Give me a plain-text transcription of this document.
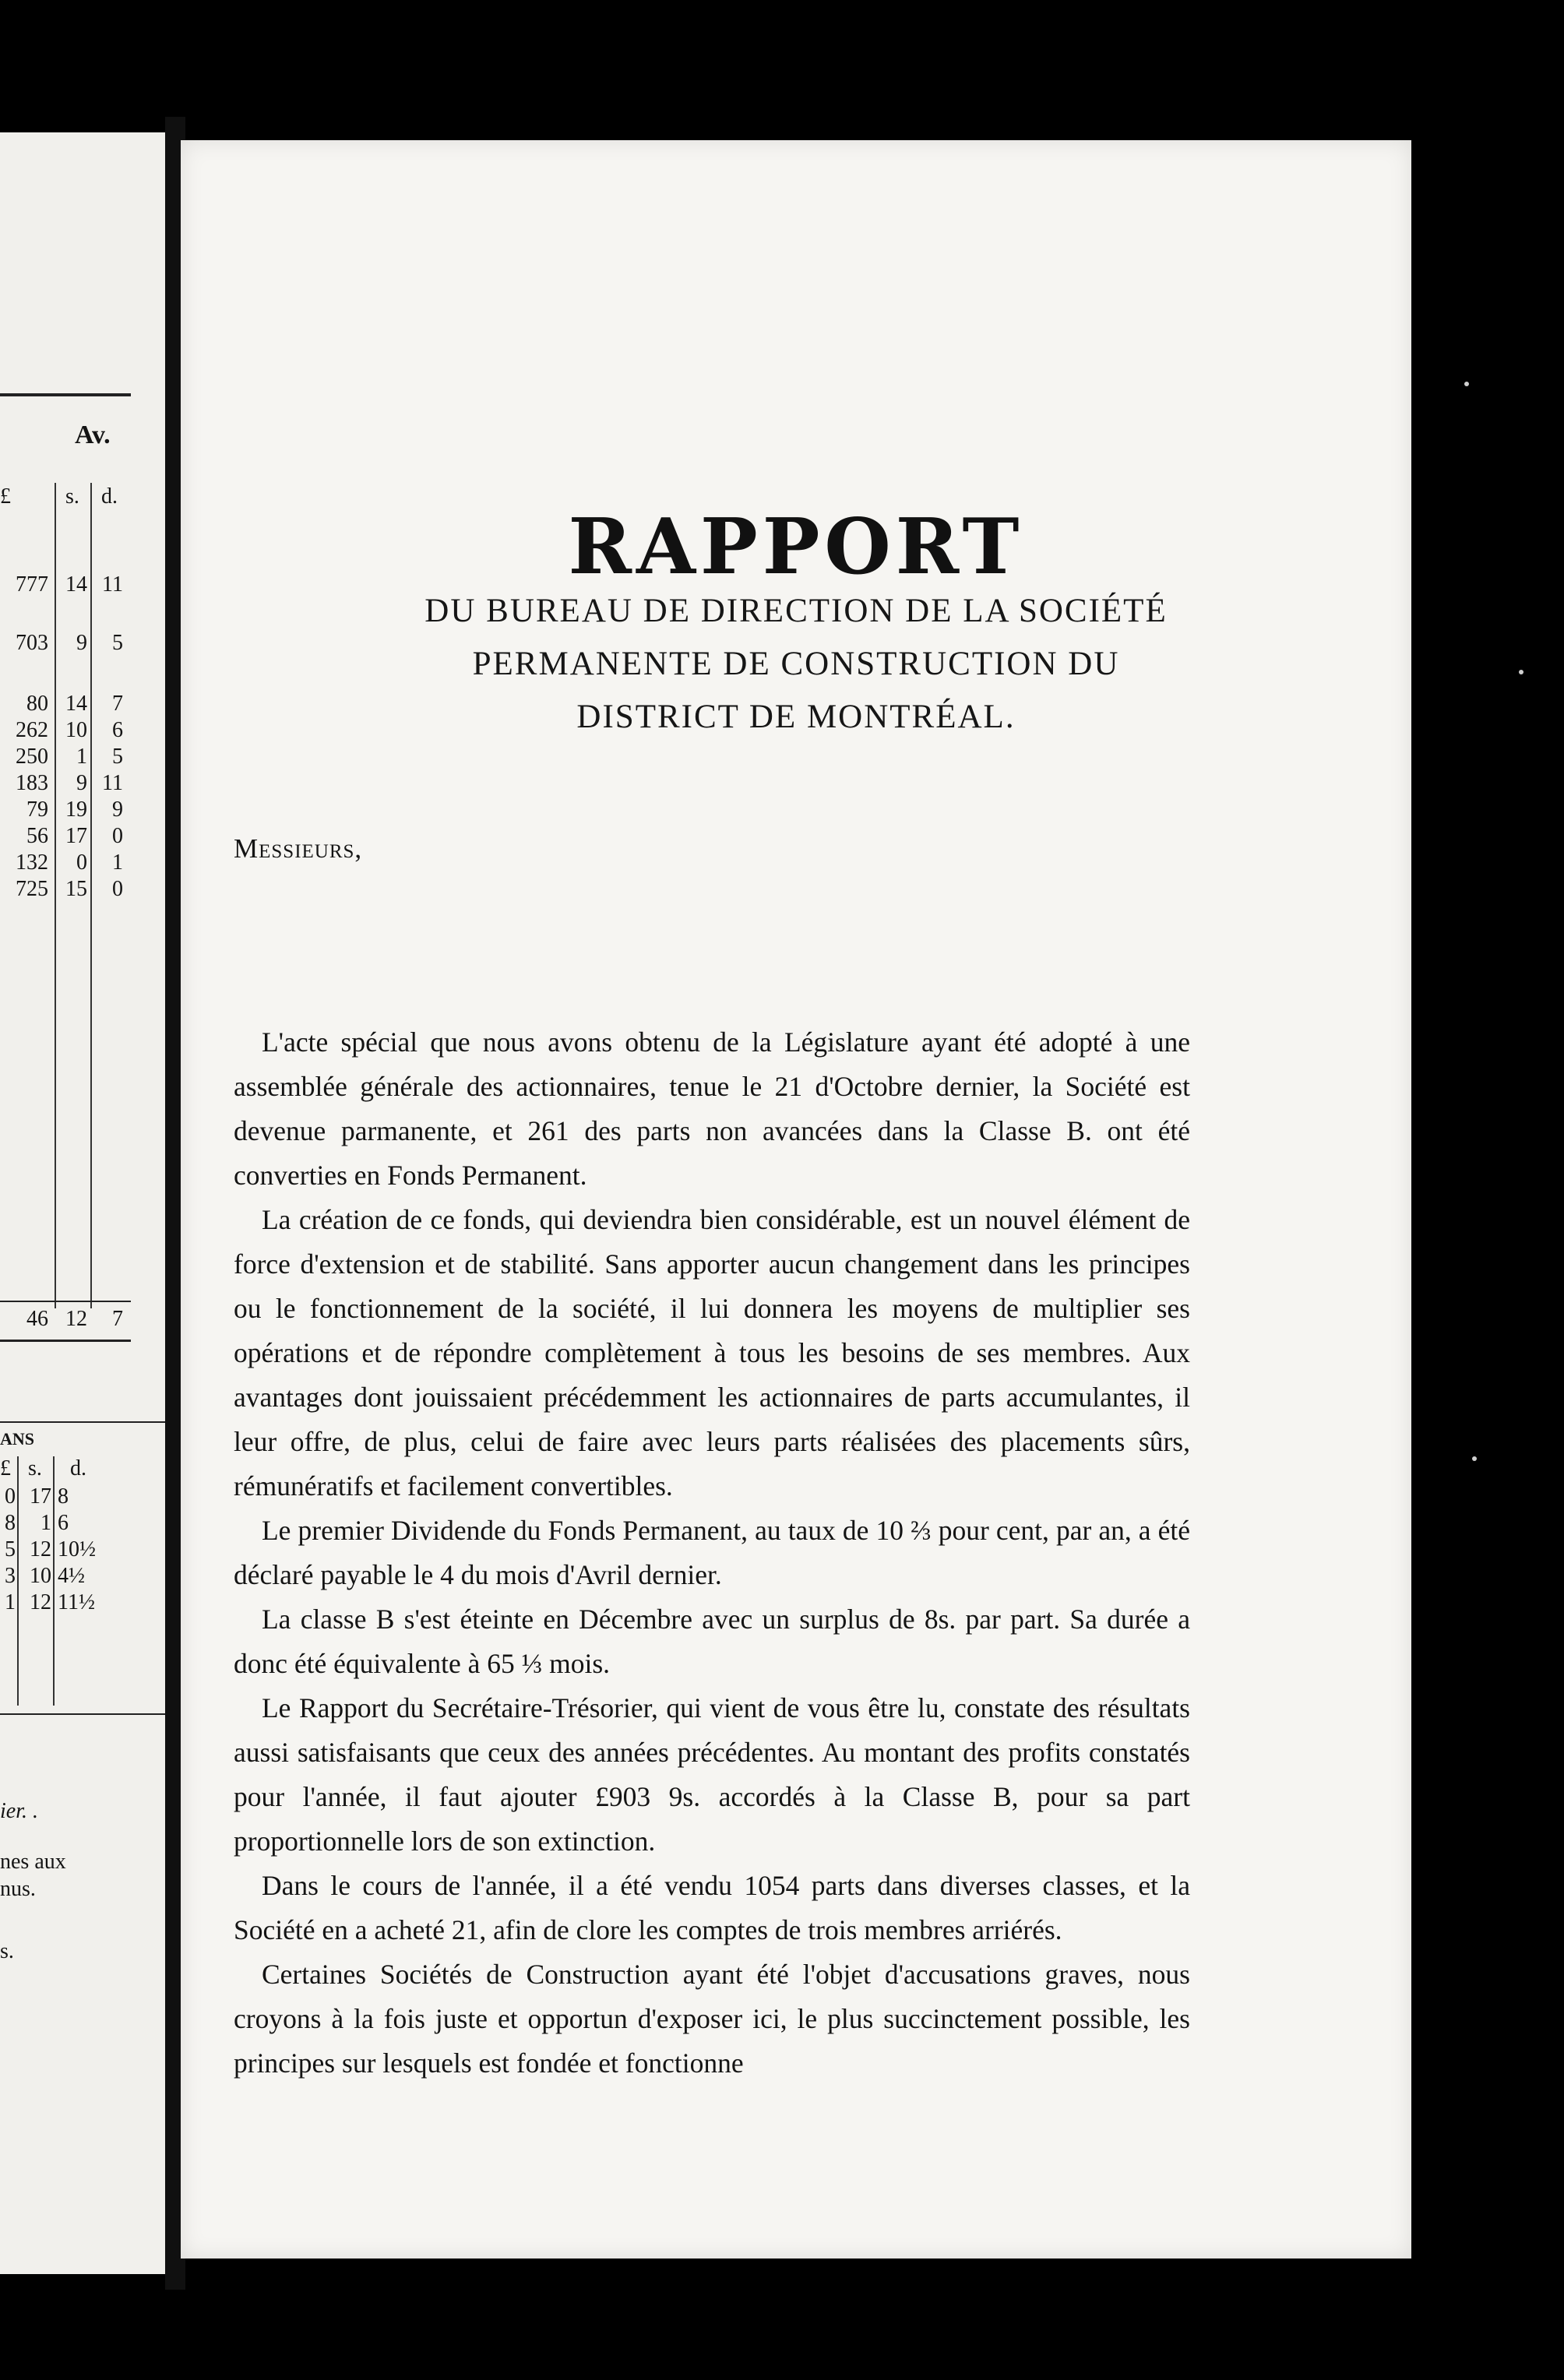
Av.
£	s. d.
777 14 11
703	9	5
80 14	7
262 10	6
250	1	5
183	9 11
79 19	9
56 17	0
132	0	1
725 15	0
46 12	7
ANS
£ s. d.
0 17 8
8	1 6
5 12 10½
3 10 4½
1 12 11½
ier. .
nes aux
nus.
s.
RAPPORT
DU BUREAU DE DIRECTION DE LA SOCIÉTÉ
PERMANENTE DE CONSTRUCTION DU
DISTRICT DE MONTRÉAL.
Messieurs,

L'acte spécial que nous avons obtenu de la Législature ayant été adopté à une assemblée générale des actionnaires, tenue le 21 d'Octobre dernier, la Société est devenue parmanente, et 261 des parts non avancées dans la Classe B. ont été converties en Fonds Permanent.

La création de ce fonds, qui deviendra bien considérable, est un nouvel élément de force d'extension et de stabilité. Sans apporter aucun changement dans les principes ou le fonctionnement de la société, il lui donnera les moyens de multiplier ses opérations et de répondre complètement à tous les besoins de ses membres. Aux avantages dont jouissaient précédemment les actionnaires de parts accumulantes, il leur offre, de plus, celui de faire avec leurs parts réalisées des placements sûrs, rémunératifs et facilement convertibles.

Le premier Dividende du Fonds Permanent, au taux de 10 ⅔ pour cent, par an, a été déclaré payable le 4 du mois d'Avril dernier.

La classe B s'est éteinte en Décembre avec un surplus de 8s. par part. Sa durée a donc été équivalente à 65 ⅓ mois.

Le Rapport du Secrétaire-Trésorier, qui vient de vous être lu, constate des résultats aussi satisfaisants que ceux des années précédentes. Au montant des profits constatés pour l'année, il faut ajouter £903 9s. accordés à la Classe B, pour sa part proportionnelle lors de son extinction.

Dans le cours de l'année, il a été vendu 1054 parts dans diverses classes, et la Société en a acheté 21, afin de clore les comptes de trois membres arriérés.

Certaines Sociétés de Construction ayant été l'objet d'accusations graves, nous croyons à la fois juste et opportun d'exposer ici, le plus succinctement possible, les principes sur lesquels est fondée et fonctionne
